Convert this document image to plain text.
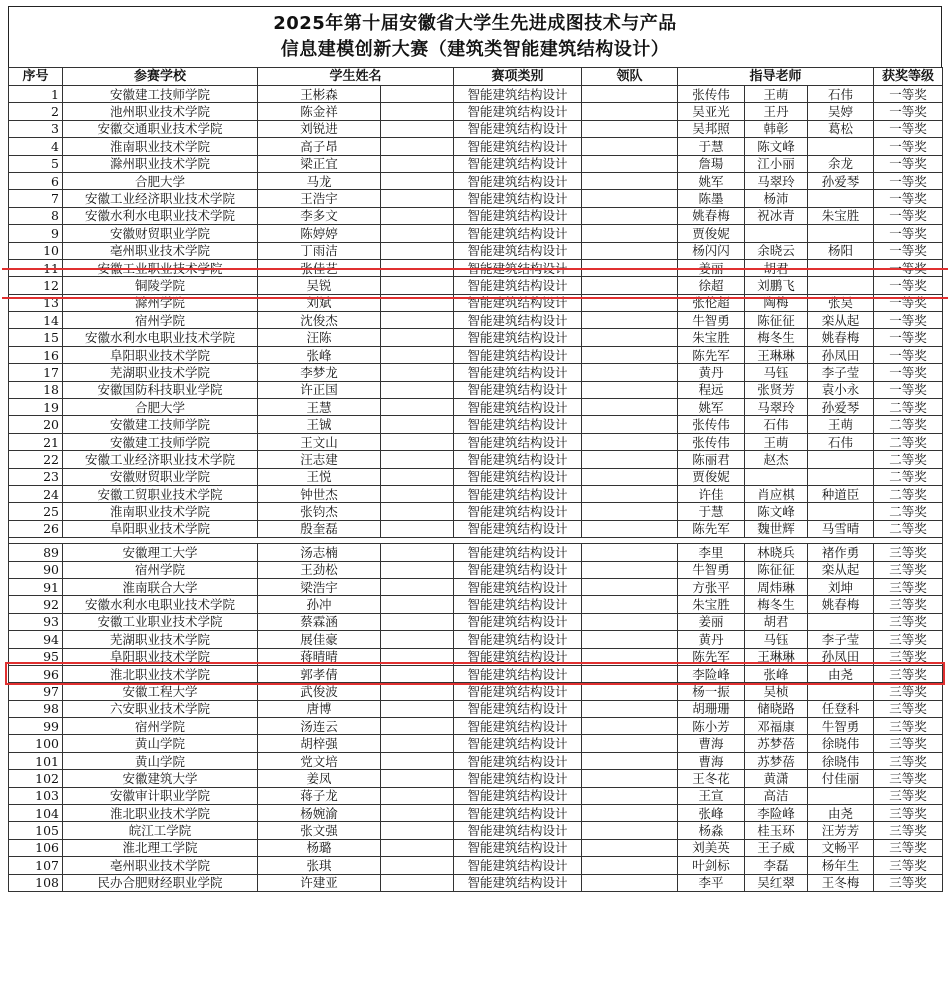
2025年第十届安徽省大学生先进成图技术与产品
信息建模创新大赛（建筑类智能建筑结构设计）
序号	参赛学校	学生姓名		赛项类别	领队	指导老师			获奖等级
1	安徽建工技师学院	王彬森		智能建筑结构设计		张传伟	王萌	石伟	一等奖
2	池州职业技术学院	陈金祥		智能建筑结构设计		吴亚光	王丹	吴婷	一等奖
3	安徽交通职业技术学院	刘锐进		智能建筑结构设计		吴邦照	韩彰	葛松	一等奖
4	淮南职业技术学院	高子昂		智能建筑结构设计		于慧	陈文峰		一等奖
5	滁州职业技术学院	梁正宜		智能建筑结构设计		詹瑒	江小丽	余龙	一等奖
6	合肥大学	马龙		智能建筑结构设计		姚军	马翠玲	孙爱琴	一等奖
7	安徽工业经济职业技术学院	王浩宇		智能建筑结构设计		陈墨	杨沛		一等奖
8	安徽水利水电职业技术学院	李多文		智能建筑结构设计		姚春梅	祝冰青	朱宝胜	一等奖
9	安徽财贸职业学院	陈婷婷		智能建筑结构设计		贾俊妮			一等奖
10	亳州职业技术学院	丁雨洁		智能建筑结构设计		杨闪闪	余晓云	杨阳	一等奖
11	安徽工业职业技术学院	张佳艺		智能建筑结构设计		姜丽	胡君		一等奖
12	铜陵学院	吴锐		智能建筑结构设计		徐超	刘鹏飞		一等奖
13	滁州学院	刘斌		智能建筑结构设计		张伦超	陶梅	张昊	一等奖
14	宿州学院	沈俊杰		智能建筑结构设计		牛智勇	陈征征	栾从起	一等奖
15	安徽水利水电职业技术学院	汪陈		智能建筑结构设计		朱宝胜	梅冬生	姚春梅	一等奖
16	阜阳职业技术学院	张峰		智能建筑结构设计		陈先军	王琳琳	孙凤田	一等奖
17	芜湖职业技术学院	李梦龙		智能建筑结构设计		黄丹	马钰	李子莹	一等奖
18	安徽国防科技职业学院	许正国		智能建筑结构设计		程远	张贤芳	袁小永	一等奖
19	合肥大学	王慧		智能建筑结构设计		姚军	马翠玲	孙爱琴	二等奖
20	安徽建工技师学院	王铖		智能建筑结构设计		张传伟	石伟	王萌	二等奖
21	安徽建工技师学院	王文山		智能建筑结构设计		张传伟	王萌	石伟	二等奖
22	安徽工业经济职业技术学院	汪志建		智能建筑结构设计		陈丽君	赵杰		二等奖
23	安徽财贸职业学院	王悦		智能建筑结构设计		贾俊妮			二等奖
24	安徽工贸职业技术学院	钟世杰		智能建筑结构设计		许佳	肖应棋	种道臣	二等奖
25	淮南职业技术学院	张钧杰		智能建筑结构设计		于慧	陈文峰		二等奖
26	阜阳职业技术学院	殷奎磊		智能建筑结构设计		陈先军	魏世辉	马雪晴	二等奖

89	安徽理工大学	汤志楠		智能建筑结构设计		李里	林晓兵	褚作勇	三等奖
90	宿州学院	王劲松		智能建筑结构设计		牛智勇	陈征征	栾从起	三等奖
91	淮南联合大学	梁浩宇		智能建筑结构设计		方张平	周炜琳	刘坤	三等奖
92	安徽水利水电职业技术学院	孙冲		智能建筑结构设计		朱宝胜	梅冬生	姚春梅	三等奖
93	安徽工业职业技术学院	蔡霖涵		智能建筑结构设计		姜丽	胡君		三等奖
94	芜湖职业技术学院	展佳豪		智能建筑结构设计		黄丹	马钰	李子莹	三等奖
95	阜阳职业技术学院	蒋晴晴		智能建筑结构设计		陈先军	王琳琳	孙凤田	三等奖
96	淮北职业技术学院	郭孝倩		智能建筑结构设计		李险峰	张峰	由尧	三等奖
97	安徽工程大学	武俊波		智能建筑结构设计		杨一振	吴桢		三等奖
98	六安职业技术学院	唐博		智能建筑结构设计		胡珊珊	储晓路	任登科	三等奖
99	宿州学院	汤连云		智能建筑结构设计		陈小芳	邓福康	牛智勇	三等奖
100	黄山学院	胡梓强		智能建筑结构设计		曹海	苏梦蓓	徐晓伟	三等奖
101	黄山学院	党文培		智能建筑结构设计		曹海	苏梦蓓	徐晓伟	三等奖
102	安徽建筑大学	姜凤		智能建筑结构设计		王冬花	黄潇	付佳丽	三等奖
103	安徽审计职业学院	蒋子龙		智能建筑结构设计		王宣	高洁		三等奖
104	淮北职业技术学院	杨婉渝		智能建筑结构设计		张峰	李险峰	由尧	三等奖
105	皖江工学院	张文强		智能建筑结构设计		杨淼	桂玉环	汪芳芳	三等奖
106	淮北理工学院	杨璐		智能建筑结构设计		刘美英	王子威	文畅平	三等奖
107	亳州职业技术学院	张琪		智能建筑结构设计		叶剑标	李磊	杨年生	三等奖
108	民办合肥财经职业学院	许建亚		智能建筑结构设计		李平	吴红翠	王冬梅	三等奖
